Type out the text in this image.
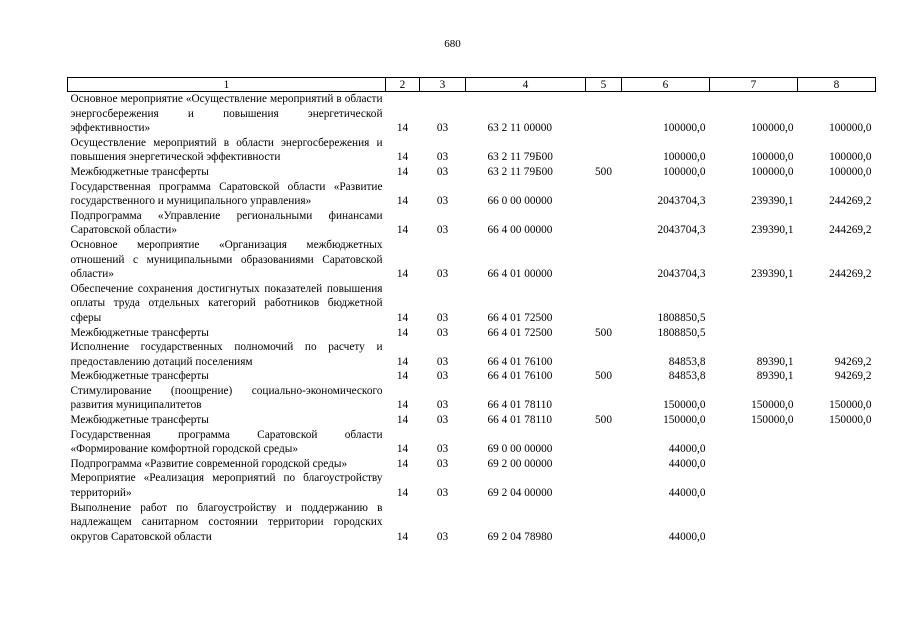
680
1	2	3	4	5	6	7	8
Основное мероприятие «Осуществление мероприятий в области энергосбережения и повышения энергетической эффективности»	14	03	63 2 11 00000		100000,0	100000,0	100000,0
Осуществление мероприятий в области энергосбережения и повышения энергетической эффективности	14	03	63 2 11 79Б00		100000,0	100000,0	100000,0
Межбюджетные трансферты	14	03	63 2 11 79Б00	500	100000,0	100000,0	100000,0
Государственная программа Саратовской области «Развитие государственного и муниципального управления»	14	03	66 0 00 00000		2043704,3	239390,1	244269,2
Подпрограмма «Управление региональными финансами Саратовской области»	14	03	66 4 00 00000		2043704,3	239390,1	244269,2
Основное мероприятие «Организация межбюджетных отношений с муниципальными образованиями Саратовской области»	14	03	66 4 01 00000		2043704,3	239390,1	244269,2
Обеспечение сохранения достигнутых показателей повышения оплаты труда отдельных категорий работников бюджетной сферы	14	03	66 4 01 72500		1808850,5		
Межбюджетные трансферты	14	03	66 4 01 72500	500	1808850,5		
Исполнение государственных полномочий по расчету и предоставлению дотаций поселениям	14	03	66 4 01 76100		84853,8	89390,1	94269,2
Межбюджетные трансферты	14	03	66 4 01 76100	500	84853,8	89390,1	94269,2
Стимулирование (поощрение) социально-экономического развития муниципалитетов	14	03	66 4 01 78110		150000,0	150000,0	150000,0
Межбюджетные трансферты	14	03	66 4 01 78110	500	150000,0	150000,0	150000,0
Государственная программа Саратовской области «Формирование комфортной городской среды»	14	03	69 0 00 00000		44000,0		
Подпрограмма «Развитие современной городской среды»	14	03	69 2 00 00000		44000,0		
Мероприятие «Реализация мероприятий по благоустройству территорий»	14	03	69 2 04 00000		44000,0		
Выполнение работ по благоустройству и поддержанию в надлежащем санитарном состоянии территории городских округов Саратовской области	14	03	69 2 04 78980		44000,0		
